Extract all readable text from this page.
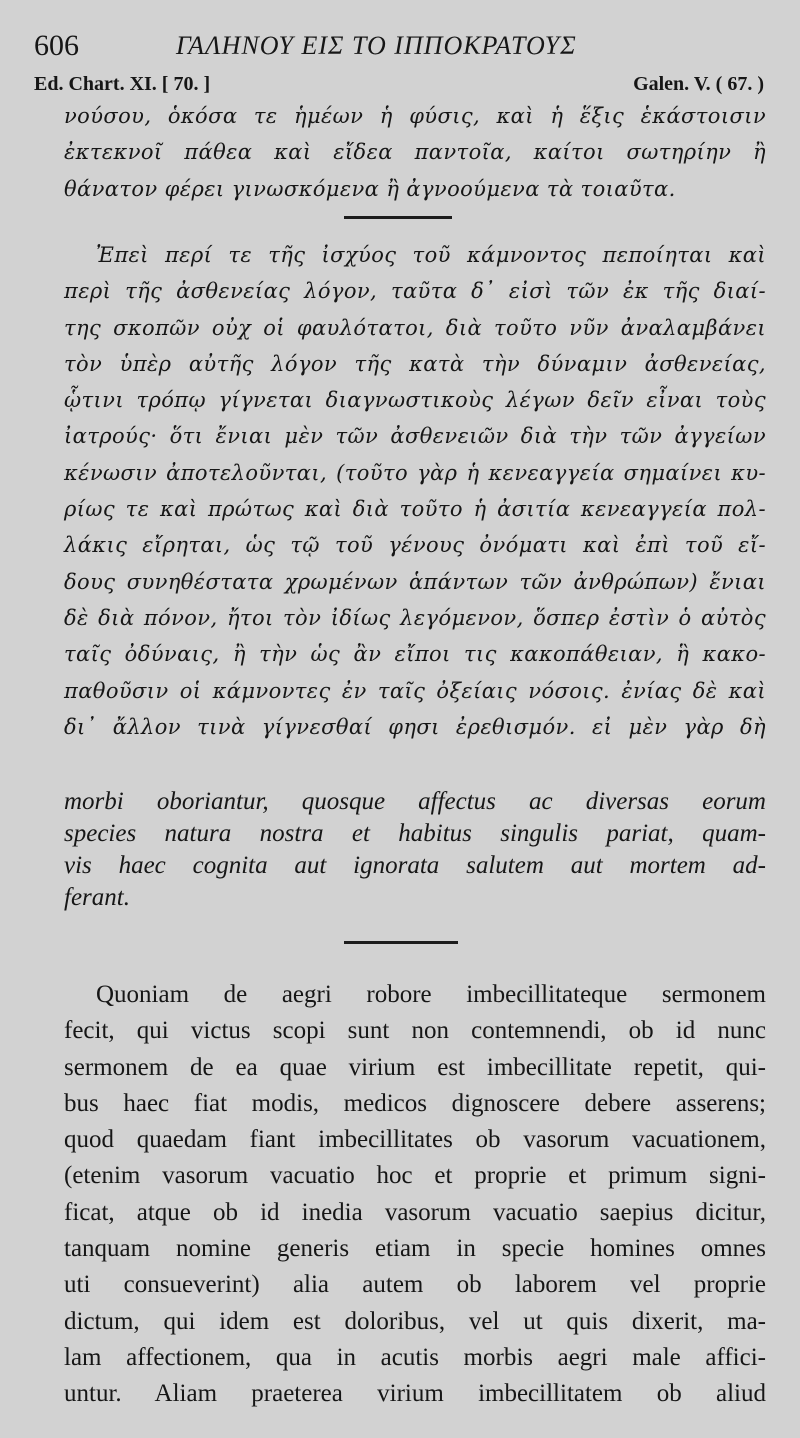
606	ΓΑΛΗΝΟΥ ΕΙΣ ΤΟ ΙΠΠΟΚΡΑΤΟΥΣ
Ed. Chart. XI. [ 70. ]	Galen. V. ( 67. )
νούσου, ὁκόσα τε ἡμέων ἡ φύσις, καὶ ἡ ἕξις ἑκάστοισιν
ἐκτεκνοῖ πάθεα καὶ εἴδεα παντοῖα, καίτοι σωτηρίην ἢ
θάνατον φέρει γινωσκόμενα ἢ ἀγνοούμενα τὰ τοιαῦτα.
Ἐπεὶ περί τε τῆς ἰσχύος τοῦ κάμνοντος πεποίηται καὶ
περὶ τῆς ἀσθενείας λόγον, ταῦτα δ᾽ εἰσὶ τῶν ἐκ τῆς διαί-
της σκοπῶν οὐχ οἱ φαυλότατοι, διὰ τοῦτο νῦν ἀναλαμβάνει
τὸν ὑπὲρ αὐτῆς λόγον τῆς κατὰ τὴν δύναμιν ἀσθενείας,
ᾧτινι τρόπῳ γίγνεται διαγνωστικοὺς λέγων δεῖν εἶναι τοὺς
ἰατρούς· ὅτι ἔνιαι μὲν τῶν ἀσθενειῶν διὰ τὴν τῶν ἀγγείων
κένωσιν ἀποτελοῦνται, (τοῦτο γὰρ ἡ κενεαγγεία σημαίνει κυ-
ρίως τε καὶ πρώτως καὶ διὰ τοῦτο ἡ ἀσιτία κενεαγγεία πολ-
λάκις εἴρηται, ὡς τῷ τοῦ γένους ὀνόματι καὶ ἐπὶ τοῦ εἴ-
δους συνηθέστατα χρωμένων ἁπάντων τῶν ἀνθρώπων) ἔνιαι
δὲ διὰ πόνον, ἤτοι τὸν ἰδίως λεγόμενον, ὅσπερ ἐστὶν ὁ αὐτὸς
ταῖς ὀδύναις, ἢ τὴν ὡς ἂν εἴποι τις κακοπάθειαν, ἣ κακο-
παθοῦσιν οἱ κάμνοντες ἐν ταῖς ὀξείαις νόσοις. ἐνίας δὲ καὶ
δι᾽ ἄλλον τινὰ γίγνεσθαί φησι ἐρεθισμόν. εἰ μὲν γὰρ δὴ
morbi oboriantur, quosque affectus ac diversas eorum
species natura nostra et habitus singulis pariat, quam-
vis haec cognita aut ignorata salutem aut mortem ad-
ferant.
Quoniam de aegri robore imbecillitateque sermonem
fecit, qui victus scopi sunt non contemnendi, ob id nunc
sermonem de ea quae virium est imbecillitate repetit, qui-
bus haec fiat modis, medicos dignoscere debere asserens;
quod quaedam fiant imbecillitates ob vasorum vacuationem,
(etenim vasorum vacuatio hoc et proprie et primum signi-
ficat, atque ob id inedia vasorum vacuatio saepius dicitur,
tanquam nomine generis etiam in specie homines omnes
uti consueverint) alia autem ob laborem vel proprie
dictum, qui idem est doloribus, vel ut quis dixerit, ma-
lam affectionem, qua in acutis morbis aegri male affici-
untur. Aliam praeterea virium imbecillitatem ob aliud
